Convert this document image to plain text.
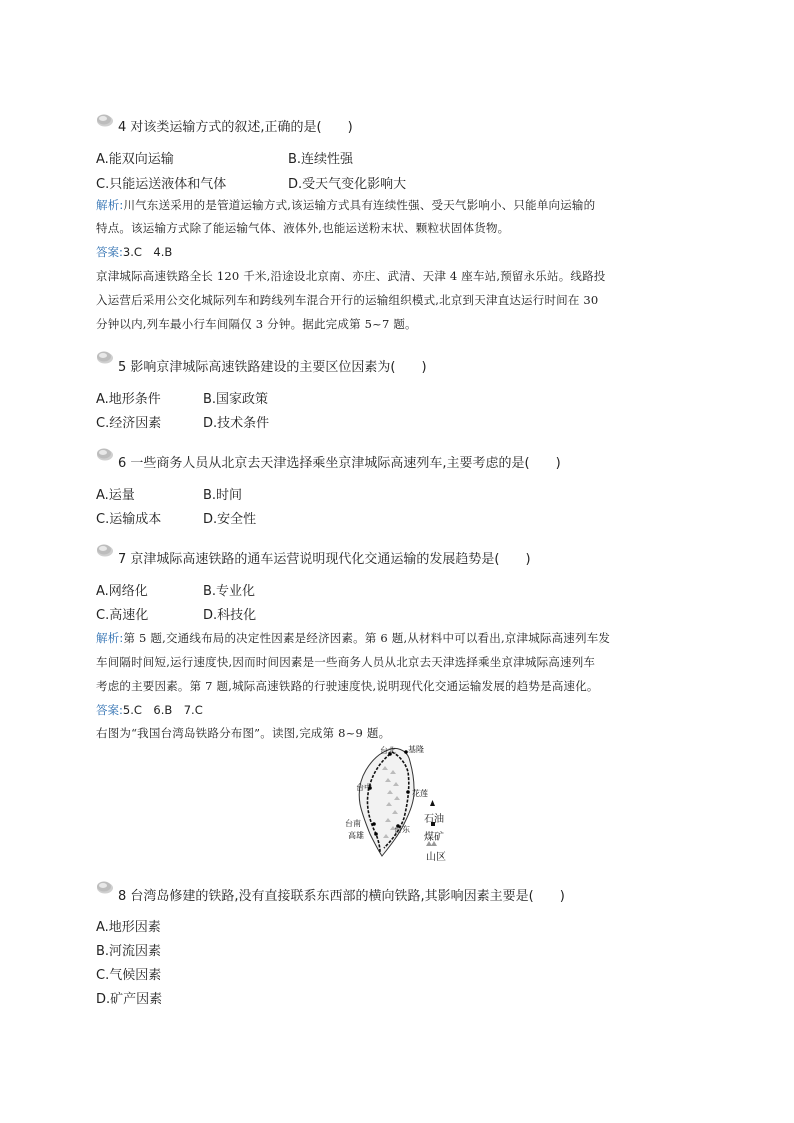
4 对该类运输方式的叙述,正确的是(　　)
A.能双向运输	B.连续性强
C.只能运送液体和气体	D.受天气变化影响大
解析:川气东送采用的是管道运输方式,该运输方式具有连续性强、受天气影响小、只能单向运输的
特点。该运输方式除了能运输气体、液体外,也能运送粉末状、颗粒状固体货物。
答案:3.C　4.B
京津城际高速铁路全长 120 千米,沿途设北京南、亦庄、武清、天津 4 座车站,预留永乐站。线路投
入运营后采用公交化城际列车和跨线列车混合开行的运输组织模式,北京到天津直达运行时间在 30
分钟以内,列车最小行车间隔仅 3 分钟。据此完成第 5~7 题。
5 影响京津城际高速铁路建设的主要区位因素为(　　)
A.地形条件	B.国家政策
C.经济因素	D.技术条件
6 一些商务人员从北京去天津选择乘坐京津城际高速列车,主要考虑的是(　　)
A.运量	B.时间
C.运输成本	D.安全性
7 京津城际高速铁路的通车运营说明现代化交通运输的发展趋势是(　　)
A.网络化	B.专业化
C.高速化	D.科技化
解析:第 5 题,交通线布局的决定性因素是经济因素。第 6 题,从材料中可以看出,京津城际高速列车发
车间隔时间短,运行速度快,因而时间因素是一些商务人员从北京去天津选择乘坐京津城际高速列车
考虑的主要因素。第 7 题,城际高速铁路的行驶速度快,说明现代化交通运输发展的趋势是高速化。
答案:5.C　6.B　7.C
右图为“我国台湾岛铁路分布图”。读图,完成第 8~9 题。
台北 基隆
台中
花莲
台南
高雄
台东
石油
煤矿
山区
8 台湾岛修建的铁路,没有直接联系东西部的横向铁路,其影响因素主要是(　　)
A.地形因素
B.河流因素
C.气候因素
D.矿产因素
